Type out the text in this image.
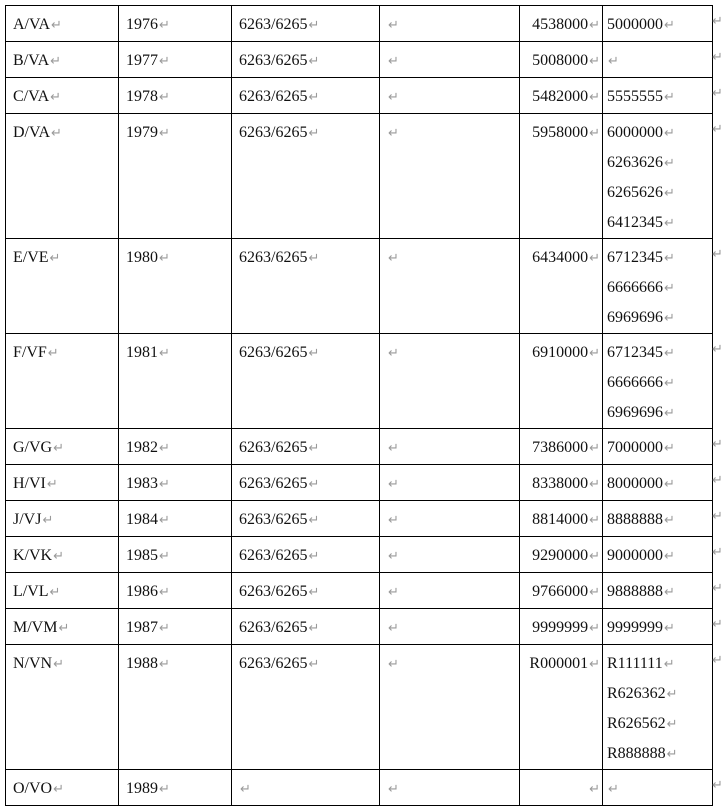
A/VA↵	1976↵	6263/6265↵	↵	4538000↵	5000000↵

B/VA↵	1977↵	6263/6265↵	↵	5008000↵	↵

C/VA↵	1978↵	6263/6265↵	↵	5482000↵	5555555↵

D/VA↵	1979↵	6263/6265↵	↵	5958000↵	6000000↵
6263626↵
6265626↵
6412345↵

E/VE↵	1980↵	6263/6265↵	↵	6434000↵	6712345↵
6666666↵
6969696↵

F/VF↵	1981↵	6263/6265↵	↵	6910000↵	6712345↵
6666666↵
6969696↵

G/VG↵	1982↵	6263/6265↵	↵	7386000↵	7000000↵

H/VI↵	1983↵	6263/6265↵	↵	8338000↵	8000000↵

J/VJ↵	1984↵	6263/6265↵	↵	8814000↵	8888888↵

K/VK↵	1985↵	6263/6265↵	↵	9290000↵	9000000↵

L/VL↵	1986↵	6263/6265↵	↵	9766000↵	9888888↵

M/VM↵	1987↵	6263/6265↵	↵	9999999↵	9999999↵

N/VN↵	1988↵	6263/6265↵	↵	R000001↵	R111111↵
R626362↵
R626562↵
R888888↵

O/VO↵	1989↵	↵	↵	↵	↵
↵
↵
↵
↵
↵
↵
↵
↵
↵
↵
↵
↵
↵
↵
